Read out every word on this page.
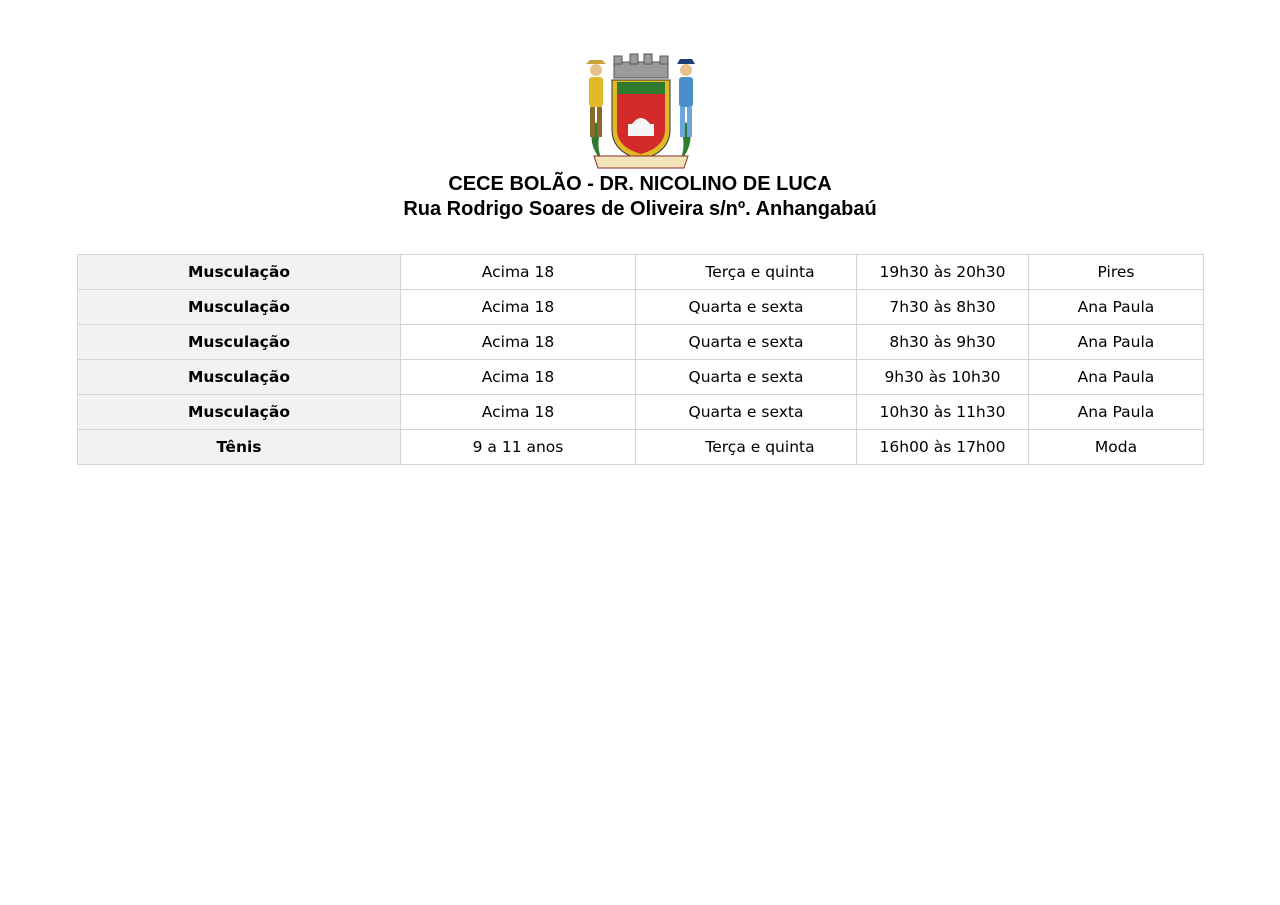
CECE BOLÃO - DR. NICOLINO DE LUCA
Rua Rodrigo Soares de Oliveira s/nº. Anhangabaú
Musculação	Acima 18	Terça e quinta	19h30 às 20h30	Pires
Musculação	Acima 18	Quarta e sexta	7h30 às 8h30	Ana Paula
Musculação	Acima 18	Quarta e sexta	8h30 às 9h30	Ana Paula
Musculação	Acima 18	Quarta e sexta	9h30 às 10h30	Ana Paula
Musculação	Acima 18	Quarta e sexta	10h30 às 11h30	Ana Paula
Tênis	9 a 11 anos	Terça e quinta	16h00 às 17h00	Moda
